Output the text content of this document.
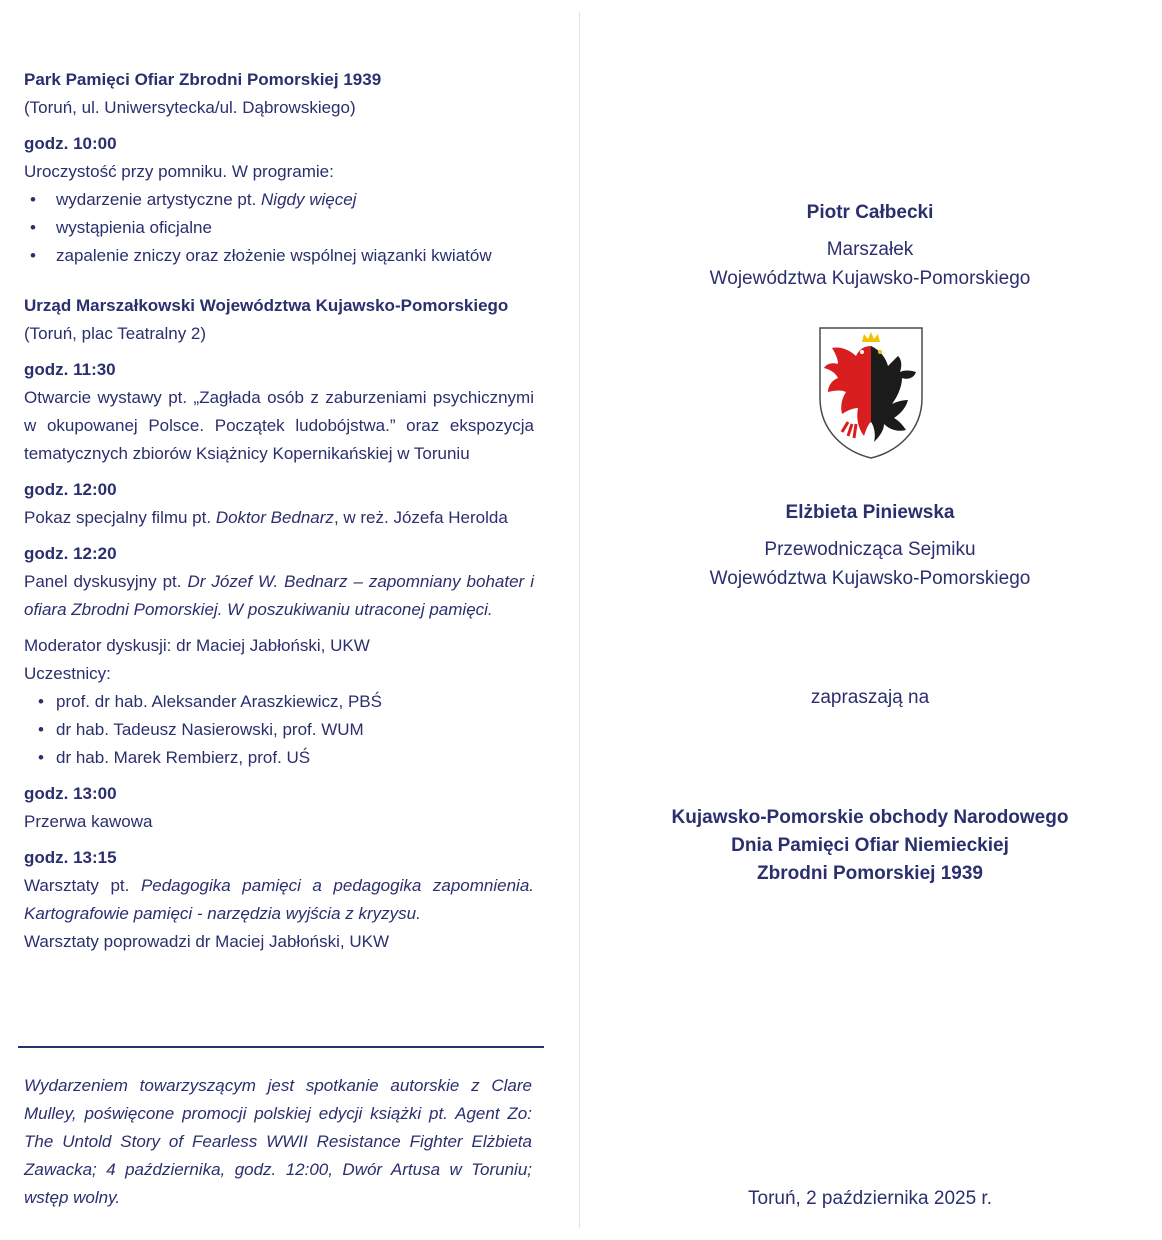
Park Pamięci Ofiar Zbrodni Pomorskiej 1939
(Toruń, ul. Uniwersytecka/ul. Dąbrowskiego)
godz. 10:00
Uroczystość przy pomniku. W programie:
• wydarzenie artystyczne pt. Nigdy więcej
• wystąpienia oficjalne
• zapalenie zniczy oraz złożenie wspólnej wiązanki kwiatów
Urząd Marszałkowski Województwa Kujawsko-Pomorskiego
(Toruń, plac Teatralny 2)
godz. 11:30
Otwarcie wystawy pt. „Zagłada osób z zaburzeniami psychicznymi w okupowanej Polsce. Początek ludobójstwa.” oraz ekspozycja tematycznych zbiorów Książnicy Kopernikańskiej w Toruniu
godz. 12:00
Pokaz specjalny filmu pt. Doktor Bednarz, w reż. Józefa Herolda
godz. 12:20
Panel dyskusyjny pt. Dr Józef W. Bednarz – zapomniany bohater i ofiara Zbrodni Pomorskiej. W poszukiwaniu utraconej pamięci.
Moderator dyskusji: dr Maciej Jabłoński, UKW
Uczestnicy:
• prof. dr hab. Aleksander Araszkiewicz, PBŚ
• dr hab. Tadeusz Nasierowski, prof. WUM
• dr hab. Marek Rembierz, prof. UŚ
godz. 13:00
Przerwa kawowa
godz. 13:15
Warsztaty pt. Pedagogika pamięci a pedagogika zapomnienia. Kartografowie pamięci - narzędzia wyjścia z kryzysu.
Warsztaty poprowadzi dr Maciej Jabłoński, UKW
Wydarzeniem towarzyszącym jest spotkanie autorskie z Clare Mulley, poświęcone promocji polskiej edycji książki pt. Agent Zo: The Untold Story of Fearless WWII Resistance Fighter Elżbieta Zawacka; 4 października, godz. 12:00, Dwór Artusa w Toruniu; wstęp wolny.
Piotr Całbecki
Marszałek
Województwa Kujawsko-Pomorskiego
Elżbieta Piniewska
Przewodnicząca Sejmiku
Województwa Kujawsko-Pomorskiego
zapraszają na
Kujawsko-Pomorskie obchody Narodowego
Dnia Pamięci Ofiar Niemieckiej
Zbrodni Pomorskiej 1939
Toruń, 2 października 2025 r.
